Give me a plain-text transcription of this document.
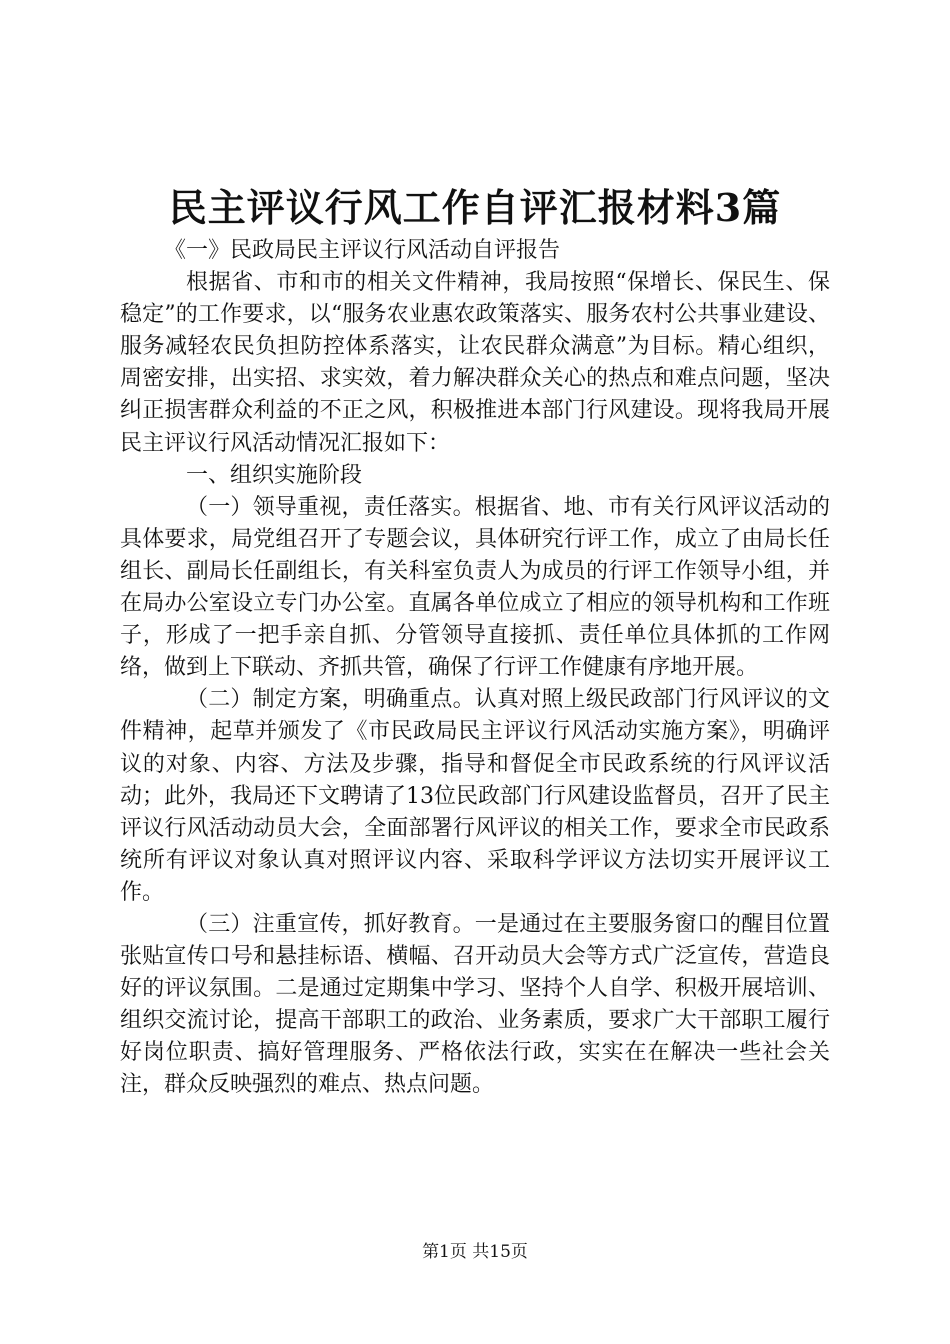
民主评议行风工作自评汇报材料3篇

《一》民政局民主评议行风活动自评报告

根据省、市和市的相关文件精神，我局按照“保增长、保民生、保稳定”的工作要求，以“服务农业惠农政策落实、服务农村公共事业建设、服务减轻农民负担防控体系落实，让农民群众满意”为目标。精心组织，周密安排，出实招、求实效，着力解决群众关心的热点和难点问题，坚决纠正损害群众利益的不正之风，积极推进本部门行风建设。现将我局开展民主评议行风活动情况汇报如下：

一、组织实施阶段

（一）领导重视，责任落实。根据省、地、市有关行风评议活动的具体要求，局党组召开了专题会议，具体研究行评工作，成立了由局长任组长、副局长任副组长，有关科室负责人为成员的行评工作领导小组，并在局办公室设立专门办公室。直属各单位成立了相应的领导机构和工作班子，形成了一把手亲自抓、分管领导直接抓、责任单位具体抓的工作网络，做到上下联动、齐抓共管，确保了行评工作健康有序地开展。

（二）制定方案，明确重点。认真对照上级民政部门行风评议的文件精神，起草并颁发了《市民政局民主评议行风活动实施方案》，明确评议的对象、内容、方法及步骤，指导和督促全市民政系统的行风评议活动；此外，我局还下文聘请了13位民政部门行风建设监督员，召开了民主评议行风活动动员大会，全面部署行风评议的相关工作，要求全市民政系统所有评议对象认真对照评议内容、采取科学评议方法切实开展评议工作。

（三）注重宣传，抓好教育。一是通过在主要服务窗口的醒目位置张贴宣传口号和悬挂标语、横幅、召开动员大会等方式广泛宣传，营造良好的评议氛围。二是通过定期集中学习、坚持个人自学、积极开展培训、组织交流讨论，提高干部职工的政治、业务素质，要求广大干部职工履行好岗位职责、搞好管理服务、严格依法行政，实实在在解决一些社会关注，群众反映强烈的难点、热点问题。

第1页 共15页
